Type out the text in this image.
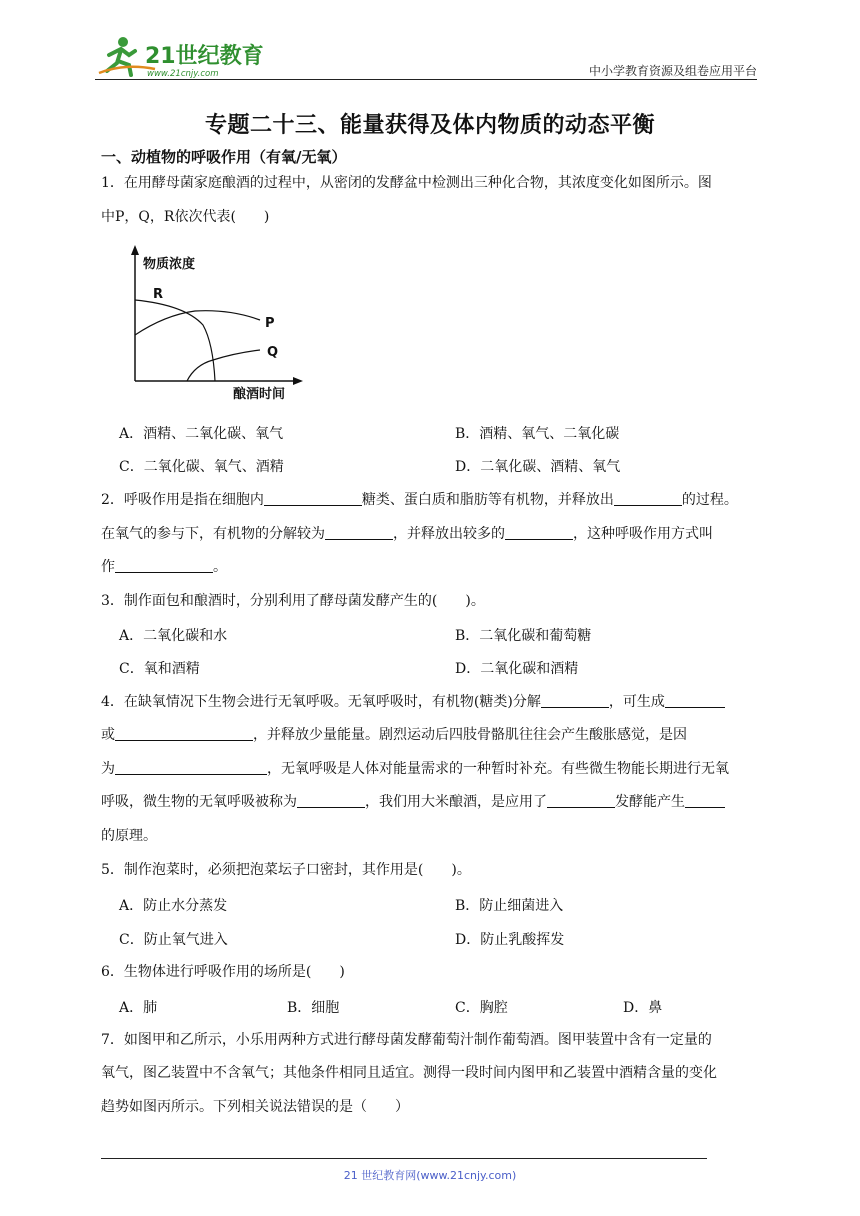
21世纪教育
www.21cnjy.com	中小学教育资源及组卷应用平台
专题二十三、能量获得及体内物质的动态平衡
一、动植物的呼吸作用（有氧/无氧）
1．在用酵母菌家庭酿酒的过程中，从密闭的发酵盆中检测出三种化合物，其浓度变化如图所示。图
中P，Q，R依次代表(　　)
物质浓度
酿酒时间
R
P
Q
A．酒精、二氧化碳、氧气	B．酒精、氧气、二氧化碳
C．二氧化碳、氧气、酒精	D．二氧化碳、酒精、氧气
2．呼吸作用是指在细胞内	糖类、蛋白质和脂肪等有机物，并释放出	的过程。
在氧气的参与下，有机物的分解较为	，并释放出较多的	，这种呼吸作用方式叫
作	。
3．制作面包和酿酒时，分别利用了酵母菌发酵产生的(　　)。
A．二氧化碳和水	B．二氧化碳和葡萄糖
C．氧和酒精	D．二氧化碳和酒精
4．在缺氧情况下生物会进行无氧呼吸。无氧呼吸时，有机物(糖类)分解	，可生成
或	，并释放少量能量。剧烈运动后四肢骨骼肌往往会产生酸胀感觉，是因
为	，无氧呼吸是人体对能量需求的一种暂时补充。有些微生物能长期进行无氧
呼吸，微生物的无氧呼吸被称为	，我们用大米酿酒，是应用了	发酵能产生
的原理。
5．制作泡菜时，必须把泡菜坛子口密封，其作用是(　　)。
A．防止水分蒸发	B．防止细菌进入
C．防止氧气进入	D．防止乳酸挥发
6．生物体进行呼吸作用的场所是(　　)
A．肺	B．细胞	C．胸腔	D．鼻
7．如图甲和乙所示，小乐用两种方式进行酵母菌发酵葡萄汁制作葡萄酒。图甲装置中含有一定量的
氧气，图乙装置中不含氧气；其他条件相同且适宜。测得一段时间内图甲和乙装置中酒精含量的变化
趋势如图丙所示。下列相关说法错误的是（　　）
21 世纪教育网(www.21cnjy.com)
